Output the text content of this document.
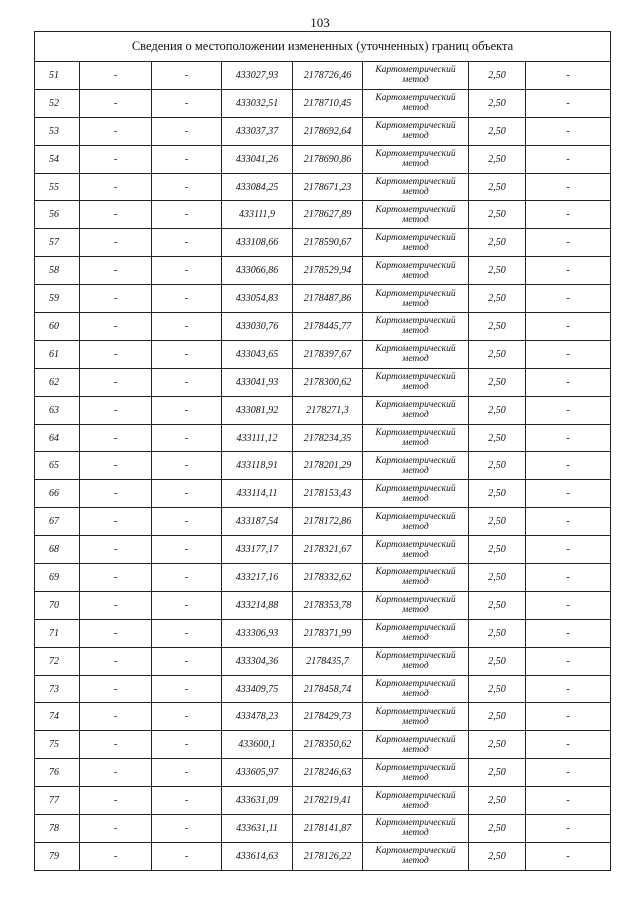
103
Сведения о местоположении измененных (уточненных) границ объекта							
51	-	-	433027,93	2178726,46	Картометрический метод	2,50	-
52	-	-	433032,51	2178710,45	Картометрический метод	2,50	-
53	-	-	433037,37	2178692,64	Картометрический метод	2,50	-
54	-	-	433041,26	2178690,86	Картометрический метод	2,50	-
55	-	-	433084,25	2178671,23	Картометрический метод	2,50	-
56	-	-	433111,9	2178627,89	Картометрический метод	2,50	-
57	-	-	433108,66	2178590,67	Картометрический метод	2,50	-
58	-	-	433066,86	2178529,94	Картометрический метод	2,50	-
59	-	-	433054,83	2178487,86	Картометрический метод	2,50	-
60	-	-	433030,76	2178445,77	Картометрический метод	2,50	-
61	-	-	433043,65	2178397,67	Картометрический метод	2,50	-
62	-	-	433041,93	2178300,62	Картометрический метод	2,50	-
63	-	-	433081,92	2178271,3	Картометрический метод	2,50	-
64	-	-	433111,12	2178234,35	Картометрический метод	2,50	-
65	-	-	433118,91	2178201,29	Картометрический метод	2,50	-
66	-	-	433114,11	2178153,43	Картометрический метод	2,50	-
67	-	-	433187,54	2178172,86	Картометрический метод	2,50	-
68	-	-	433177,17	2178321,67	Картометрический метод	2,50	-
69	-	-	433217,16	2178332,62	Картометрический метод	2,50	-
70	-	-	433214,88	2178353,78	Картометрический метод	2,50	-
71	-	-	433306,93	2178371,99	Картометрический метод	2,50	-
72	-	-	433304,36	2178435,7	Картометрический метод	2,50	-
73	-	-	433409,75	2178458,74	Картометрический метод	2,50	-
74	-	-	433478,23	2178429,73	Картометрический метод	2,50	-
75	-	-	433600,1	2178350,62	Картометрический метод	2,50	-
76	-	-	433605,97	2178246,63	Картометрический метод	2,50	-
77	-	-	433631,09	2178219,41	Картометрический метод	2,50	-
78	-	-	433631,11	2178141,87	Картометрический метод	2,50	-
79	-	-	433614,63	2178126,22	Картометрический метод	2,50	-
